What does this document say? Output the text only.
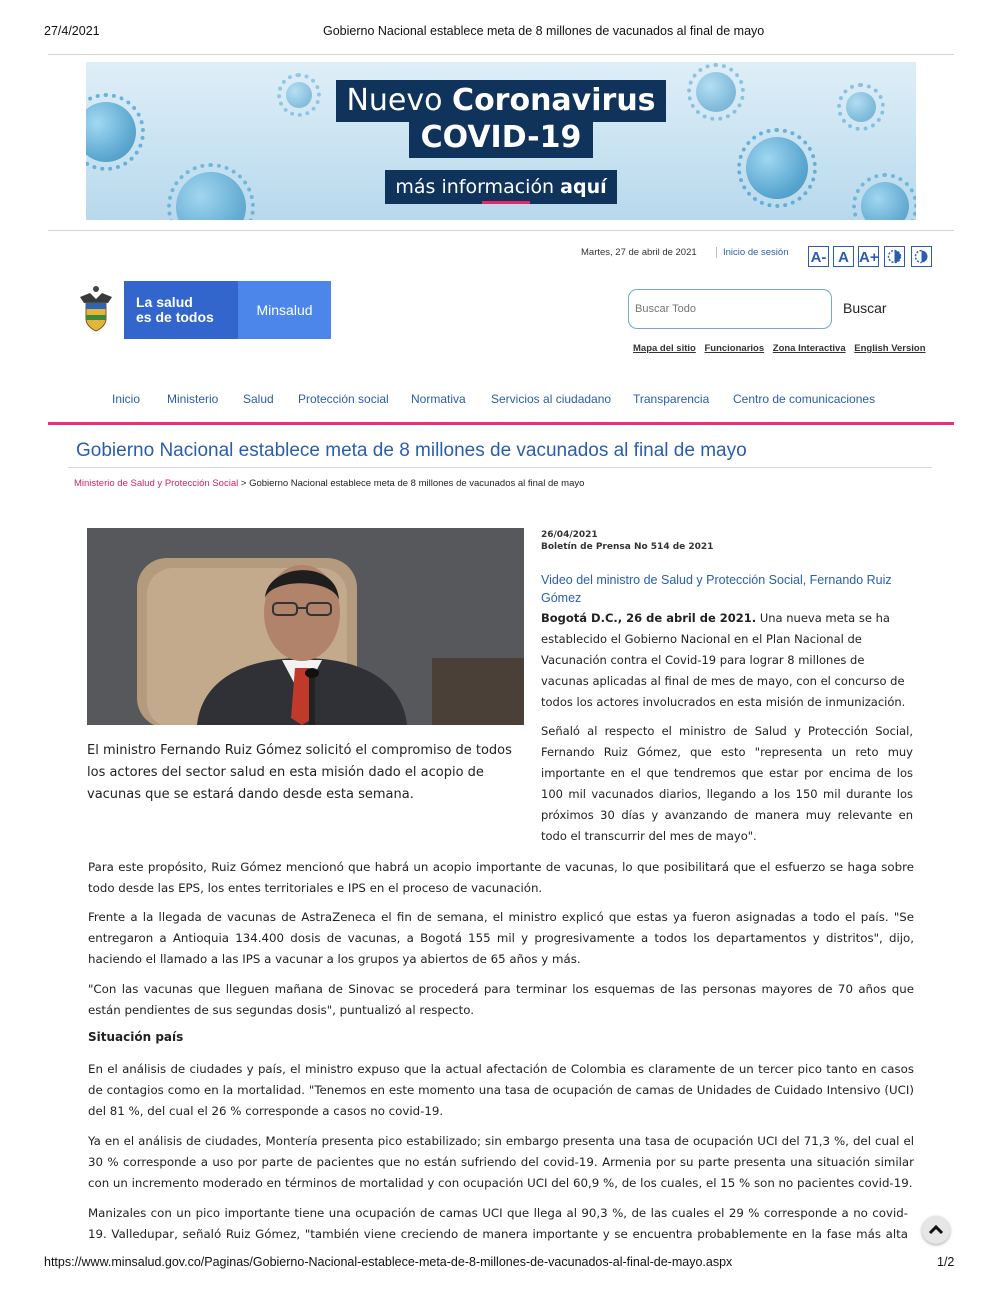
27/4/2021	Gobierno Nacional establece meta de 8 millones de vacunados al final de mayo
Nuevo Coronavirus
COVID-19
más información aquí
Martes, 27 de abril de 2021	Inicio de sesión A- A A+
La salud
es de todos	Minsalud
Buscar Todo	Buscar
Mapa del sitio Funcionarios Zona Interactiva English Version
Inicio Ministerio Salud Protección social Normativa Servicios al ciudadano Transparencia Centro de comunicaciones
Gobierno Nacional establece meta de 8 millones de vacunados al final de mayo
Ministerio de Salud y Protección Social > Gobierno Nacional establece meta de 8 millones de vacunados al final de mayo
El ministro Fernando Ruiz Gómez solicitó el compromiso de todos los actores del sector salud en esta misión dado el acopio de vacunas que se estará dando desde esta semana.
26/04/2021
Boletín de Prensa No 514 de 2021
Video del ministro de Salud y Protección Social, Fernando Ruiz Gómez
Bogotá D.C., 26 de abril de 2021. Una nueva meta se ha establecido el Gobierno Nacional en el Plan Nacional de Vacunación contra el Covid-19 para lograr 8 millones de vacunas aplicadas al final de mes de mayo, con el concurso de todos los actores involucrados en esta misión de inmunización.
Señaló al respecto el ministro de Salud y Protección Social, Fernando Ruiz Gómez, que esto "representa un reto muy importante en el que tendremos que estar por encima de los 100 mil vacunados diarios, llegando a los 150 mil durante los próximos 30 días y avanzando de manera muy relevante en todo el transcurrir del mes de mayo".
Para este propósito, Ruiz Gómez mencionó que habrá un acopio importante de vacunas, lo que posibilitará que el esfuerzo se haga sobre todo desde las EPS, los entes territoriales e IPS en el proceso de vacunación.
Frente a la llegada de vacunas de AstraZeneca el fin de semana, el ministro explicó que estas ya fueron asignadas a todo el país. "Se entregaron a Antioquia 134.400 dosis de vacunas, a Bogotá 155 mil y progresivamente a todos los departamentos y distritos", dijo, haciendo el llamado a las IPS a vacunar a los grupos ya abiertos de 65 años y más.
"Con las vacunas que lleguen mañana de Sinovac se procederá para terminar los esquemas de las personas mayores de 70 años que están pendientes de sus segundas dosis", puntualizó al respecto.
Situación país
En el análisis de ciudades y país, el ministro expuso que la actual afectación de Colombia es claramente de un tercer pico tanto en casos de contagios como en la mortalidad. "Tenemos en este momento una tasa de ocupación de camas de Unidades de Cuidado Intensivo (UCI) del 81 %, del cual el 26 % corresponde a casos no covid-19.
Ya en el análisis de ciudades, Montería presenta pico estabilizado; sin embargo presenta una tasa de ocupación UCI del 71,3 %, del cual el 30 % corresponde a uso por parte de pacientes que no están sufriendo del covid-19. Armenia por su parte presenta una situación similar con un incremento moderado en términos de mortalidad y con ocupación UCI del 60,9 %, de los cuales, el 15 % son no pacientes covid-19.
Manizales con un pico importante tiene una ocupación de camas UCI que llega al 90,3 %, de las cuales el 29 % corresponde a no covid-19. Valledupar, señaló Ruiz Gómez, "también viene creciendo de manera importante y se encuentra probablemente en la fase más alta
https://www.minsalud.gov.co/Paginas/Gobierno-Nacional-establece-meta-de-8-millones-de-vacunados-al-final-de-mayo.aspx	1/2
